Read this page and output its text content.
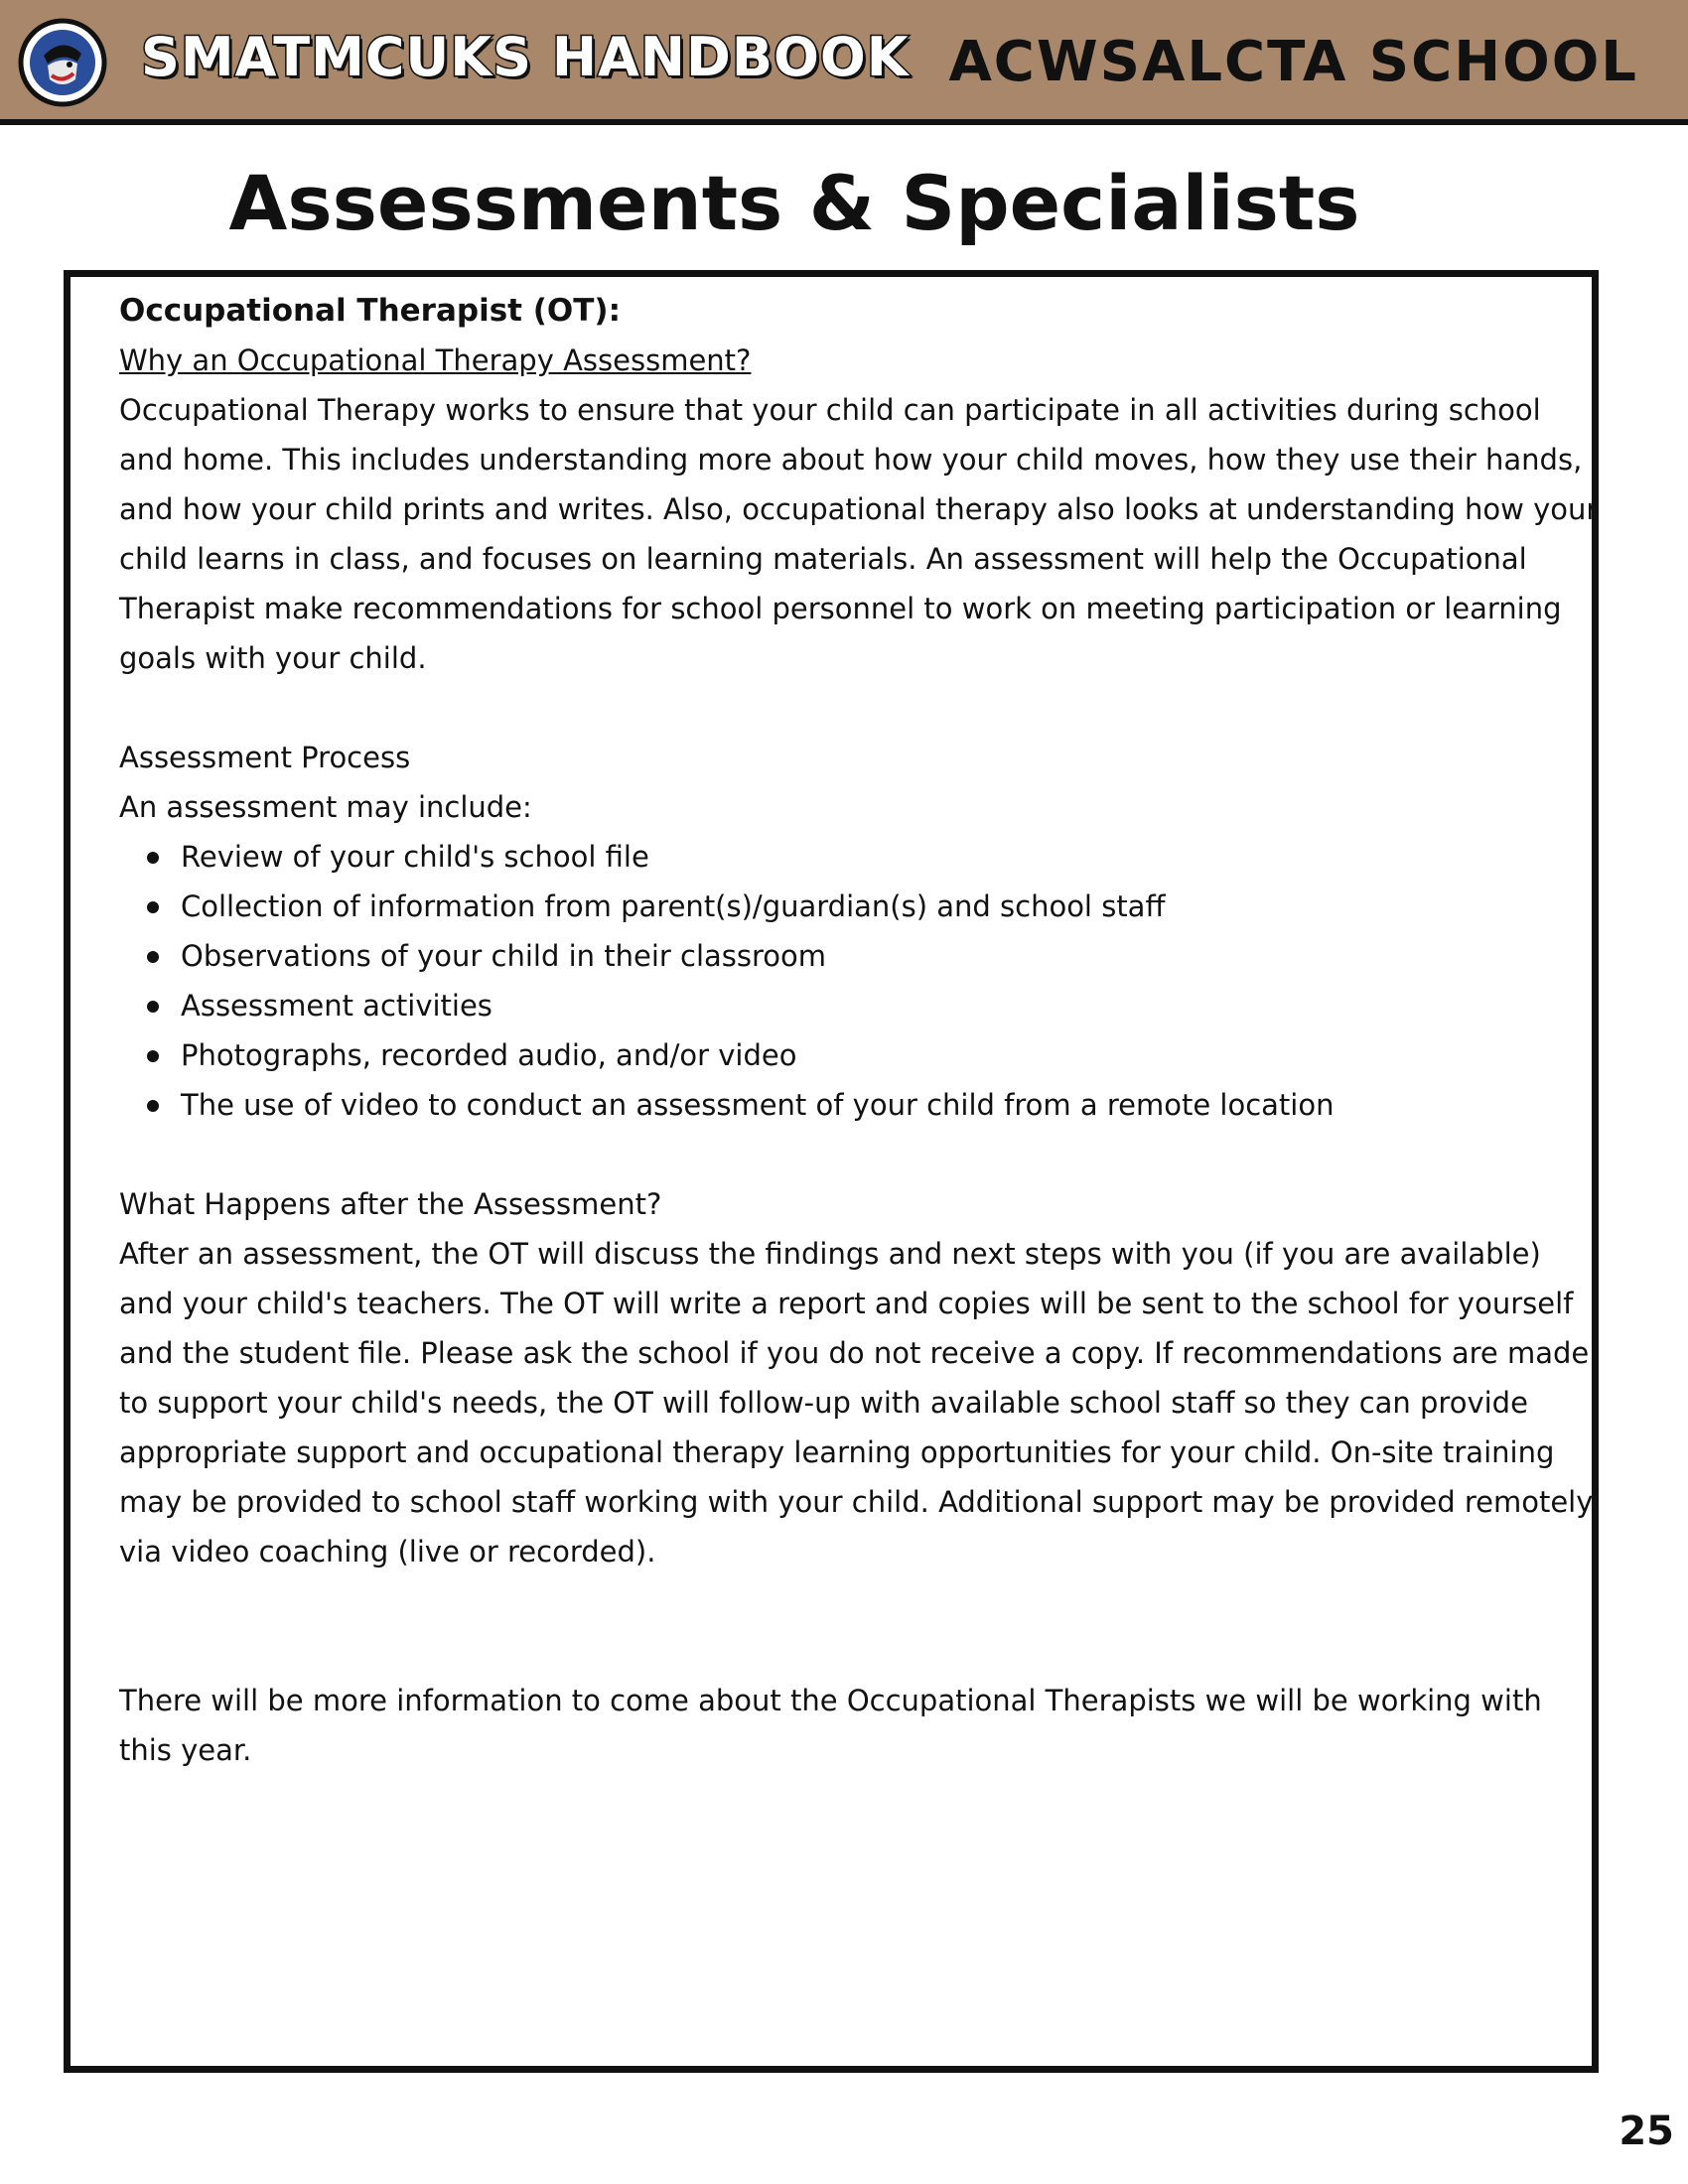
SMATMCUKS HANDBOOK ACWSALCTA SCHOOL
Assessments & Specialists

Occupational Therapist (OT):

Why an Occupational Therapy Assessment?

Occupational Therapy works to ensure that your child can participate in all activities during school and home. This includes understanding more about how your child moves, how they use their hands, and how your child prints and writes. Also, occupational therapy also looks at understanding how your child learns in class, and focuses on learning materials. An assessment will help the Occupational Therapist make recommendations for school personnel to work on meeting participation or learning goals with your child.

Assessment Process

An assessment may include:

Review of your child's school file
Collection of information from parent(s)/guardian(s) and school staff
Observations of your child in their classroom
Assessment activities
Photographs, recorded audio, and/or video
The use of video to conduct an assessment of your child from a remote location

What Happens after the Assessment?

After an assessment, the OT will discuss the findings and next steps with you (if you are available) and your child's teachers. The OT will write a report and copies will be sent to the school for yourself and the student file. Please ask the school if you do not receive a copy. If recommendations are made to support your child's needs, the OT will follow-up with available school staff so they can provide appropriate support and occupational therapy learning opportunities for your child. On-site training may be provided to school staff working with your child. Additional support may be provided remotely via video coaching (live or recorded).

There will be more information to come about the Occupational Therapists we will be working with this year.

25
